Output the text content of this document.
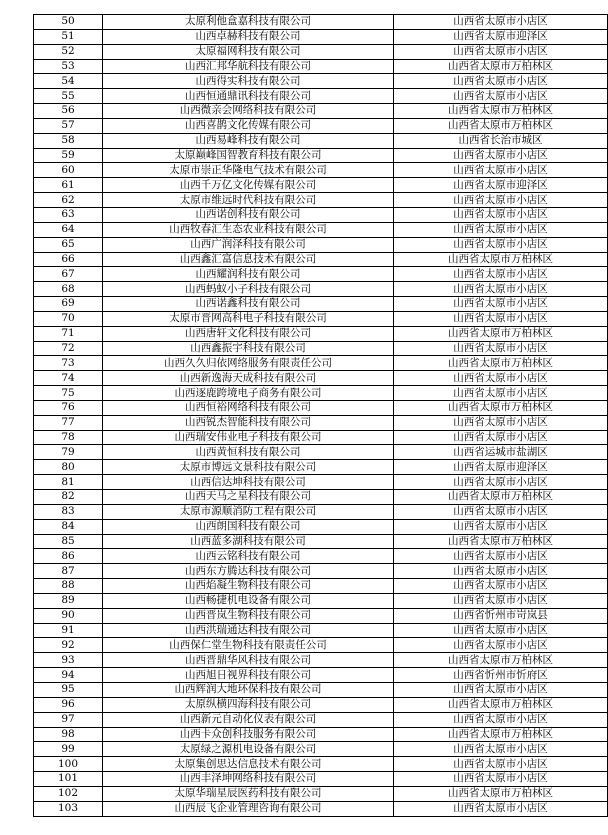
50	太原利他盒嘉科技有限公司	山西省太原市小店区
51	山西卓赫科技有限公司	山西省太原市迎泽区
52	太原福网科技有限公司	山西省太原市小店区
53	山西汇邦华航科技有限公司	山西省太原市万柏林区
54	山西得实科技有限公司	山西省太原市小店区
55	山西恒通鼎讯科技有限公司	山西省太原市小店区
56	山西微亲会网络科技有限公司	山西省太原市万柏林区
57	山西喜鹊文化传媒有限公司	山西省太原市万柏林区
58	山西易峰科技有限公司	山西省长治市城区
59	太原巅峰国智教育科技有限公司	山西省太原市小店区
60	太原市崇正华隆电气技术有限公司	山西省太原市小店区
61	山西千万亿文化传媒有限公司	山西省太原市迎泽区
62	太原市维远时代科技有限公司	山西省太原市小店区
63	山西诺创科技有限公司	山西省太原市小店区
64	山西牧春汇生态农业科技有限公司	山西省太原市小店区
65	山西广润泽科技有限公司	山西省太原市小店区
66	山西鑫汇富信息技术有限公司	山西省太原市万柏林区
67	山西耀润科技有限公司	山西省太原市小店区
68	山西蚂蚁小子科技有限公司	山西省太原市小店区
69	山西诺鑫科技有限公司	山西省太原市小店区
70	太原市晋网高科电子科技有限公司	山西省太原市小店区
71	山西唐轩文化科技有限公司	山西省太原市万柏林区
72	山西鑫振宇科技有限公司	山西省太原市小店区
73	山西久久归依网络服务有限责任公司	山西省太原市万柏林区
74	山西新逸海天成科技有限公司	山西省太原市小店区
75	山西逐鹿跨境电子商务有限公司	山西省太原市小店区
76	山西恒裕网络科技有限公司	山西省太原市万柏林区
77	山西锐杰智能科技有限公司	山西省太原市小店区
78	山西瑞安伟业电子科技有限公司	山西省太原市小店区
79	山西黄恒科技有限公司	山西省运城市盐湖区
80	太原市博远文景科技有限公司	山西省太原市迎泽区
81	山西信达坤科技有限公司	山西省太原市小店区
82	山西天马之星科技有限公司	山西省太原市万柏林区
83	太原市源顺消防工程有限公司	山西省太原市小店区
84	山西朗国科技有限公司	山西省太原市小店区
85	山西蓝多湖科技有限公司	山西省太原市万柏林区
86	山西云铭科技有限公司	山西省太原市小店区
87	山西东方腾达科技有限公司	山西省太原市小店区
88	山西焰凝生物科技有限公司	山西省太原市小店区
89	山西畅捷机电设备有限公司	山西省太原市小店区
90	山西晋岚生物科技有限公司	山西省忻州市岢岚县
91	山西洪瑞通达科技有限公司	山西省太原市小店区
92	山西保仁堂生物科技有限责任公司	山西省太原市小店区
93	山西晋鼎华风科技有限公司	山西省太原市万柏林区
94	山西旭日视界科技有限公司	山西省忻州市忻府区
95	山西辉润大地环保科技有限公司	山西省太原市小店区
96	太原纵横四海科技有限公司	山西省太原市万柏林区
97	山西新元自动化仪表有限公司	山西省太原市小店区
98	山西卡众创科技服务有限公司	山西省太原市万柏林区
99	太原绿之源机电设备有限公司	山西省太原市小店区
100	太原集创思达信息技术有限公司	山西省太原市小店区
101	山西丰泽坤网络科技有限公司	山西省太原市小店区
102	太原华瑞星辰医药科技有限公司	山西省太原市万柏林区
103	山西辰飞企业管理咨询有限公司	山西省太原市小店区
